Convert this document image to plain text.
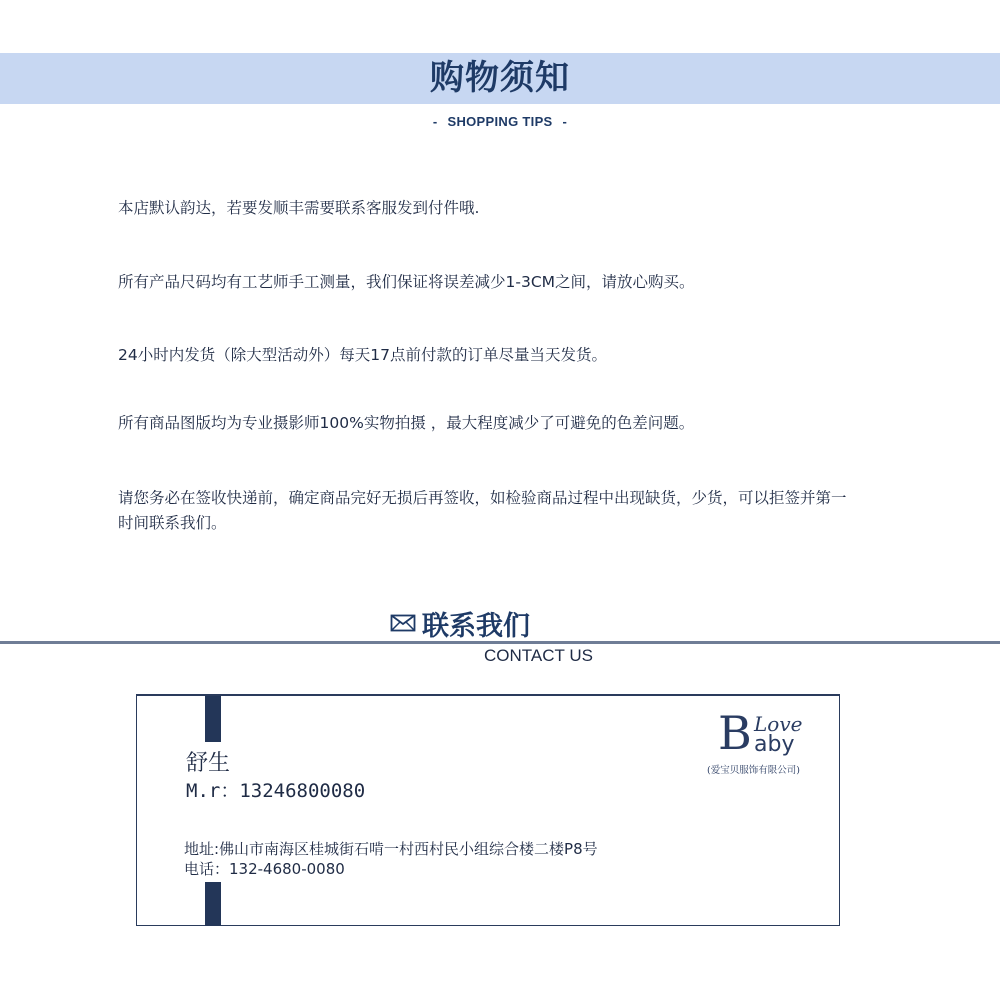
购物须知
- SHOPPING TIPS -
本店默认韵达，若要发顺丰需要联系客服发到付件哦.
所有产品尺码均有工艺师手工测量，我们保证将误差减少1-3CM之间，请放心购买。
24小时内发货（除大型活动外）每天17点前付款的订单尽量当天发货。
所有商品图版均为专业摄影师100%实物拍摄 ，最大程度减少了可避免的色差问题。
请您务必在签收快递前，确定商品完好无损后再签收，如检验商品过程中出现缺货，少货，可以拒签并第一时间联系我们。
联系我们
CONTACT US
舒生
M.r：13246800080
地址:佛山市南海区桂城街石啃一村西村民小组综合楼二楼P8号
电话：132-4680-0080
B Love
aby
(爱宝贝服饰有限公司)
